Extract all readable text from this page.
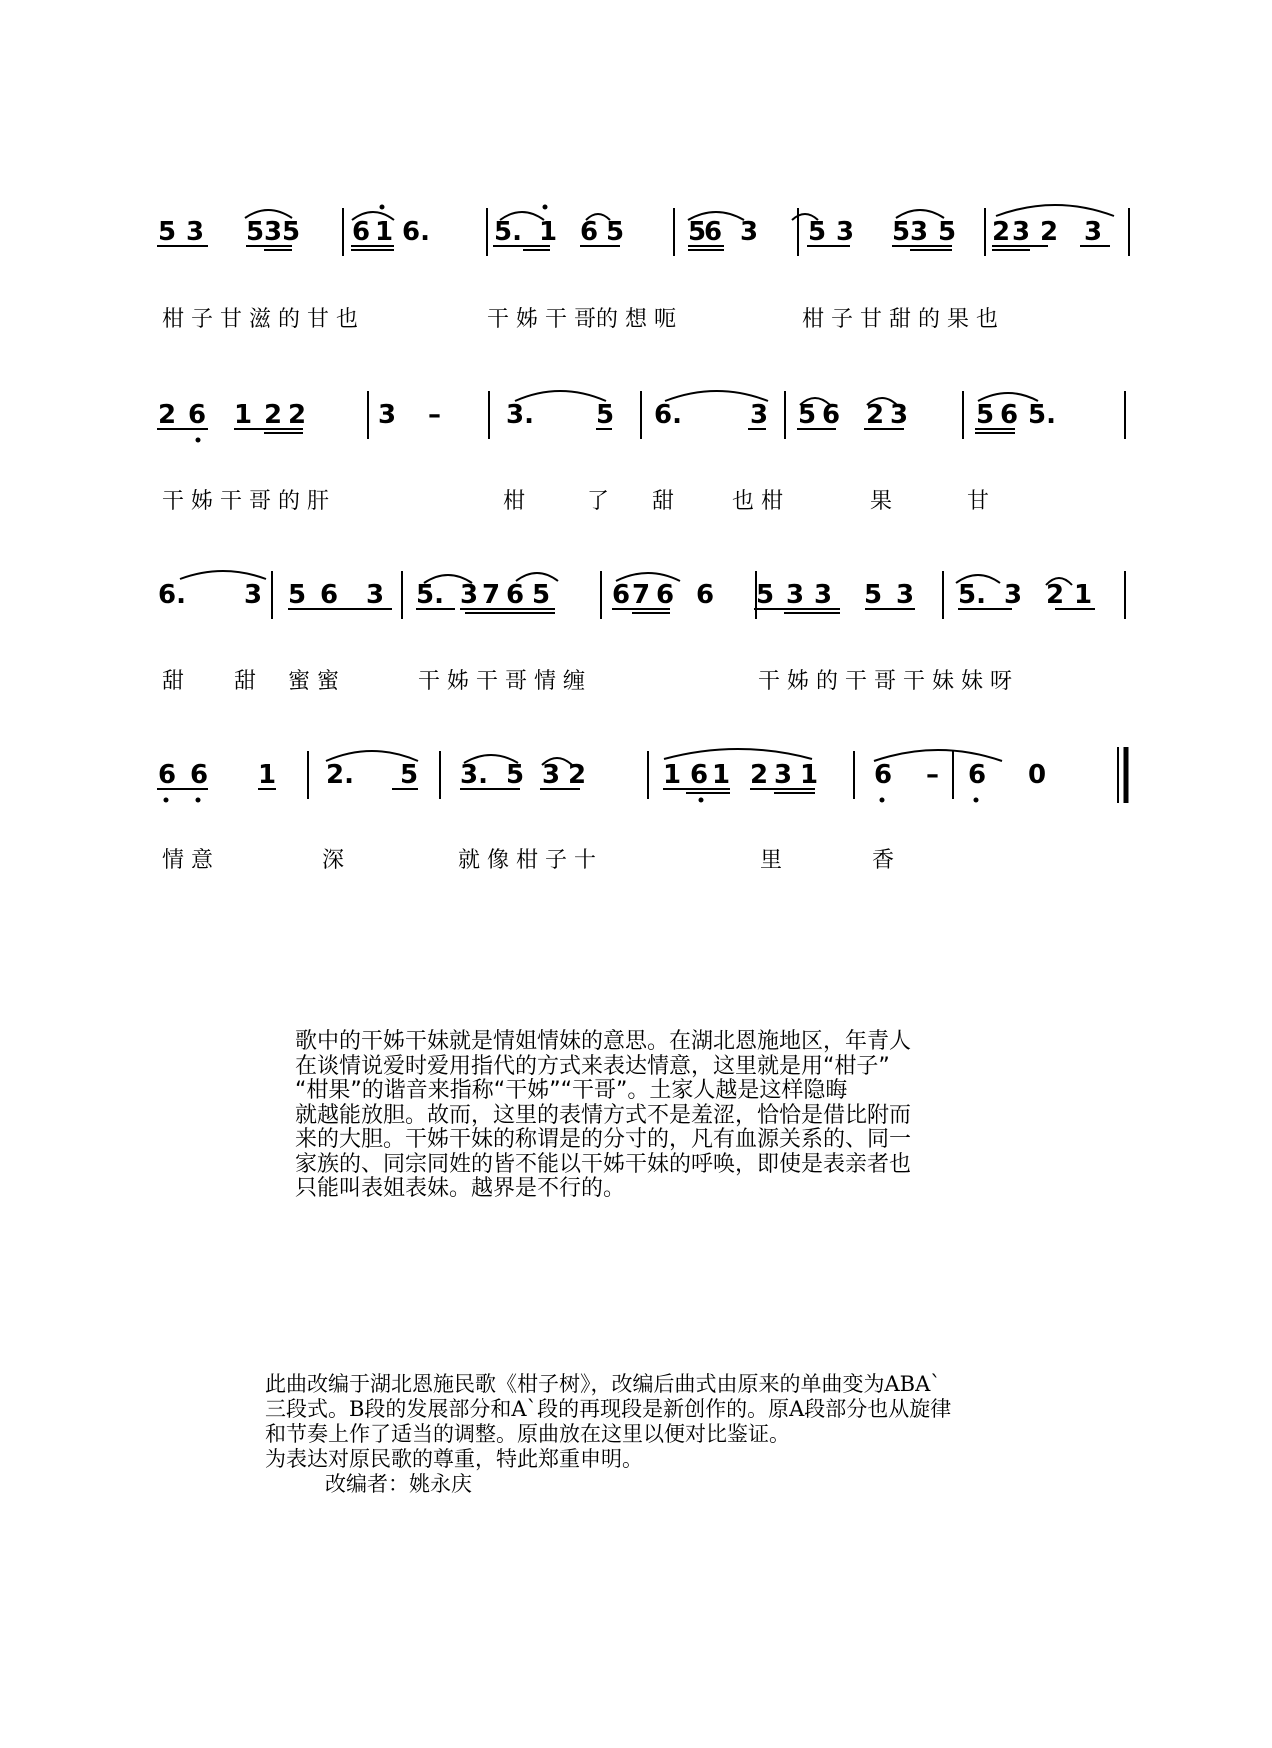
5 3 5 3 5 6 1 6. 5. 1 6 5 5
6 3 5 3 5 3 5 2 3 2 3
柑 子 甘 滋 的 甘 也	干 姊 干 哥的 想 呃	柑 子 甘 甜 的 果 也
2 6 1 2 2	3 –	3. 5 6.	3 5 6 2 3	5 6 5.
干 姊 干 哥 的 肝	柑	了 甜	也 柑	果	甘
6. 3 5 6 3 5. 3 7 6 5 6 7 6 6 5 3 3 5 3 5. 3 2 1
甜 甜 蜜 蜜	干 姊 干 哥 情 缠	干 姊 的 干 哥 干 妹 妹 呀
6 6 1 2. 5 3. 5 3 2	1 6 1 2 3 1 6 – 6 0
情 意	深	就 像 柑 子 十	里	香

歌中的干姊干妹就是情姐情妹的意思。在湖北恩施地区，年青人

在谈情说爱时爱用指代的方式来表达情意，这里就是用“柑子”

“柑果”的谐音来指称“干姊”“干哥”。土家人越是这样隐晦

就越能放胆。故而，这里的表情方式不是羞涩，恰恰是借比附而

来的大胆。干姊干妹的称谓是的分寸的，凡有血源关系的、同一

家族的、同宗同姓的皆不能以干姊干妹的呼唤，即使是表亲者也

只能叫表姐表妹。越界是不行的。

此曲改编于湖北恩施民歌《柑子树》，改编后曲式由原来的单曲变为ABA`

三段式。B段的发展部分和A`段的再现段是新创作的。原A段部分也从旋律

和节奏上作了适当的调整。原曲放在这里以便对比鉴证。

为表达对原民歌的尊重，特此郑重申明。

改编者：姚永庆
